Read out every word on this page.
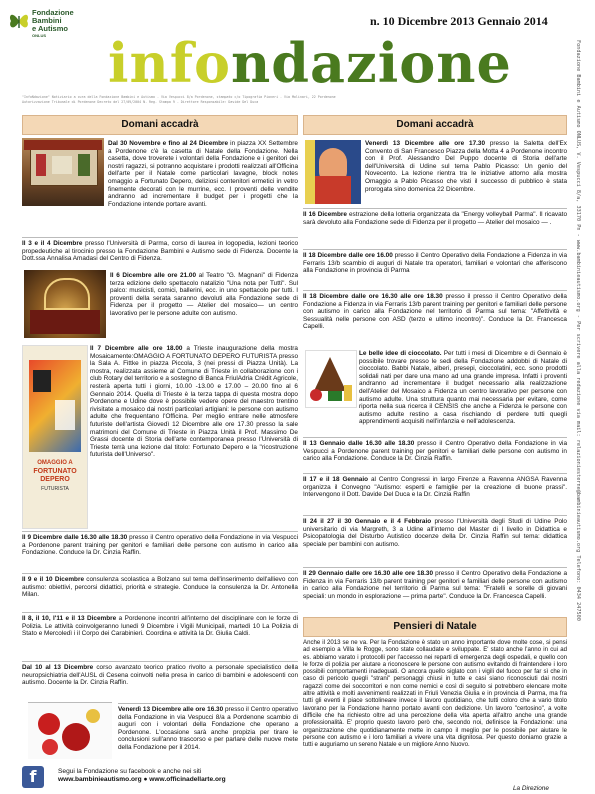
Fondazione
Bambini
e Autismo
ONLUS
n. 10 Dicembre 2013 Gennaio 2014
infondazione
"InfoNdazione" Notiziario a cura della Fondazione Bambini e Autismo - Via Vespucci 8/a Pordenone, stampato c/o Tipografia Pioneri - Via Molinari, 22 Pordenone
Autorizzazione Tribunale di Pordenone Decreto del 27/09/2004 N. Reg. Stampa 9 - Direttore Responsabile: Davide Del Duca	Fondazione Bambini e Autismo ONLUS, V. Vespucci 8/a, 33170 Pn - www.bambinieautismo.org - Per scrivere alla redazione via mail: relazioniesterne@bambinieautismo.org Telefono: 0434 247500
Domani accadrà

Dal 30 Novembre e fino al 24 Dicembre in piazza XX Settembre a Pordenone c'è la casetta di Natale della Fondazione. Nella casetta, dove troverete i volontari della Fondazione e i genitori dei nostri ragazzi, si potranno acquistare i prodotti realizzati all'Officina dell'arte per il Natale come particolari lavagne, block notes omaggio a Fortunato Depero, deliziosi contenitori ermetici in vetro finemente decorati con le murrine, ecc. I proventi delle vendite andranno ad incrementare il budget per i progetti che la Fondazione intende portare avanti.

Il 3 e il 4 Dicembre presso l'Università di Parma, corso di laurea in logopedia, lezioni teorico propedeutiche al tirocinio presso la Fondazione Bambini e Autismo sede di Fidenza. Docente la Dott.ssa Annalisa Amadasi del Centro di Fidenza.

Il 6 Dicembre alle ore 21.00 al Teatro "G. Magnani" di Fidenza terza edizione dello spettacolo natalizio "Una nota per Tutti". Sul palco: musicisti, comici, ballerini, ecc. in uno spettacolo per tutti. I proventi della serata saranno devoluti alla Fondazione sede di Fidenza per il progetto — Atelier del mosaico— un centro lavorativo per le persone adulte con autismo.

OMAGGIO A
FORTUNATO DEPERO
FUTURISTA

Il 7 Dicembre alle ore 18.00 a Trieste inaugurazione della mostra Mosaicamente:OMAGGIO A FORTUNATO DEPERO FUTURISTA presso la Sala A. Fittke in piazza Piccola, 3 (nei pressi di Piazza Unità). La mostra, realizzata assieme al Comune di Trieste in collaborazione con i club Rotary del territorio e a sostegno di Banca FriulAdria Crédit Agricole, resterà aperta tutti i giorni, 10.00 -13.00 e 17.00 – 20.00 fino al 6 Gennaio 2014. Quella di Trieste è la terza tappa di questa mostra dopo Pordenone e Udine dove è possibile vedere opere del maestro trentino rivisitate a mosaico dai nostri particolari artigiani: le persone con autismo adulte che frequentano l'Officina. Per meglio entrare nelle atmosfere futuriste dell'artista Giovedì 12 Dicembre alle ore 17.30 presso la sale matrimoni del Comune di Trieste in Piazza Unità il Prof. Massimo De Grassi docente di Storia dell'arte contemporanea presso l'Università di Trieste terrà una lezione dal titolo: Fortunato Depero e la "ricostruzione futurista dell'Universo".

Il 9 Dicembre dalle 16.30 alle 18.30 presso il Centro operativo della Fondazione in via Vespucci a Pordenone parent training per genitori e familiari delle persone con autismo in carico alla Fondazione. Conduce la Dr. Cinzia Raffin.

Il 9 e il 10 Dicembre consulenza scolastica a Bolzano sul tema dell'inserimento dell'allievo con autismo: obiettivi, percorsi didattici, priorità e strategie. Conduce la consulenza la Dr. Antonella Milan.

Il 8, il 10, l'11 e il 13 Dicembre a Pordenone incontri all'interno del disciplinare con le forze di Polizia. Le attività coinvolgeranno lunedì 9 Dicembre i Vigili Municipali, martedì 10 La Polizia di Stato e Mercoledì i il Corpo dei Carabinieri. Coordina e attività la Dr. Giulia Caldi.

Dal 10 al 13 Dicembre corso avanzato teorico pratico rivolto a personale specialistico della neuropsichiatria dell'AUSL di Cesena coinvolti nella presa in carico di bambini e adolescenti con autismo. Docente la Dr. Cinzia Raffin.

Venerdì 13 Dicembre alle ore 16.30 presso il Centro operativo della Fondazione in via Vespucci 8/a a Pordenone scambio di auguri con i volontari della Fondazione che operano a Pordenone. L'occasione sarà anche propizia per tirare le conclusioni sull'anno trascorso e per parlare delle nuove mete della Fondazione per il 2014.

Domani accadrà

Venerdì 13 Dicembre alle ore 17.30 presso la Saletta dell'Ex Convento di San Francesco Piazza della Motta 4 a Pordenone incontro con il Prof. Alessandro Del Puppo docente di Storia dell'arte dell'Università di Udine sul tema Pablo Picasso: Un genio del Novecento. La lezione rientra tra le iniziative attorno alla mostra Omaggio a Pablo Picasso che visti il successo di pubblico è stata prorogata sino domenica 22 Dicembre.

Il 16 Dicembre estrazione della lotteria organizzata da "Energy volleyball Parma". Il ricavato sarà devoluto alla Fondazione sede di Fidenza per il progetto — Atelier del mosaico — .

Il 18 Dicembre dalle ore 16.00 presso il Centro Operativo della Fondazione a Fidenza in via Ferraris 13/b scambio di auguri di Natale tra operatori, familiari e volontari che afferiscono alla Fondazione in provincia di Parma

Il 18 Dicembre dalle ore 16.30 alle ore 18.30 presso il presso il Centro Operativo della Fondazione a Fidenza in via Ferraris 13/b parent training per genitori e familiari delle persone con autismo in carico alla Fondazione nel territorio di Parma sul tema: "Affettività e Sessualità nelle persone con ASD (terzo e ultimo incontro)". Conduce la Dr. Francesca Capelli.

Le belle idee di cioccolato. Per tutti i mesi di Dicembre e di Gennaio è possibile trovare presso le sedi della Fondazione addobbi di Natale di cioccolato. Babbi Natale, alberi, presepi, cioccolatini, ecc. sono prodotti solidali nati per dare una mano ad una grande impresa. Infatti i proventi andranno ad incrementare il budget necessario alla realizzazione dell'Atelier del Mosaico a Fidenza un centro lavorativo per persone con autismo adulte. Una struttura quanto mai necessaria per evitare, come riporta nella sua ricerca il CENSIS che anche a Fidenza le persone con autismo adulte restino a casa rischiando di perdere tutti quegli apprendimenti acquisiti nell'infanzia e nell'adolescenza.

Il 13 Gennaio dalle 16.30 alle 18.30 presso il Centro Operativo della Fondazione in via Vespucci a Pordenone parent training per genitori e familiari delle persone con autismo in carico alla Fondazione. Conduce la Dr. Cinzia Raffin.

Il 17 e il 18 Gennaio al Centro Congressi in largo Firenze a Ravenna ANGSA Ravenna organizza il Convegno "Autismo: esperti e famiglie per la creazione di buone prassi". Intervengono il Dott. Davide Del Duca e la Dr. Cinzia Raffin

Il 24 il 27 il 30 Gennaio e il 4 Febbraio presso l'Università degli Studi di Udine Polo universitario di via Margreth, 3 a Udine all'interno del Master di I livello in Didattica e Psicopatologia del Disturbo Autistico docenze della Dr. Cinzia Raffin sul tema: didattica speciale per bambini con autismo.

Il 29 Gennaio dalle ore 16.30 alle ore 18.30 presso il Centro Operativo della Fondazione a Fidenza in via Ferraris 13/b parent training per genitori e familiari delle persone con autismo in carico alla Fondazione nel territorio di Parma sul tema: "Fratelli e sorelle di giovani speciali: un mondo in esplorazione — prima parte". Conduce la Dr. Francesca Capelli.

Pensieri di Natale

Anche il 2013 se ne va. Per la Fondazione è stato un anno importante dove molte cose, si pensi ad esempio a Villa le Rogge, sono state collaudate e sviluppate. E' stato anche l'anno in cui ad es. abbiamo varato i protocolli per l'accesso nei reparti di emergenza degli ospedali, e quello con le forze di polizia per aiutare a riconoscere le persone con autismo evitando di fraintendere i loro possibili comportamenti inadeguati. O ancora quello siglato con i vigili del fuoco per far sì che in caso di pericolo quegli "strani" personaggi chiusi in tutte e casi siano riconosciuti dai nostri ragazzi come dei soccorritori e non come nemici e così di seguito si potrebbero elencare molte altre attività e molti avvenimenti realizzati in Friuli Venezia Giulia e in provincia di Parma, ma fra tutti gli eventi il piace sottolineare invece il lavoro quotidiano, che tutti coloro che a vario titolo lavorano per la Fondazione hanno portato avanti con dedizione. Un lavoro "certosino", a volte difficile che ha richiesto oltre ad una percezione della vita aperta all'altro anche una grande professionalità. E' proprio questo lavoro però che, secondo noi, definisce la Fondazione: una organizzazione che quotidianamente mette in campo il meglio per le possibile per aiutare le persone con autismo e i loro familiari a vivere una vita dignitosa. Per questo doniamo grazie a tutti e auguriamo un sereno Natale e un migliore Anno Nuovo.

f	Segui la Fondazione su facebook e anche nei siti
www.bambinieautismo.org ● www.officinadellarte.org
La Direzione
